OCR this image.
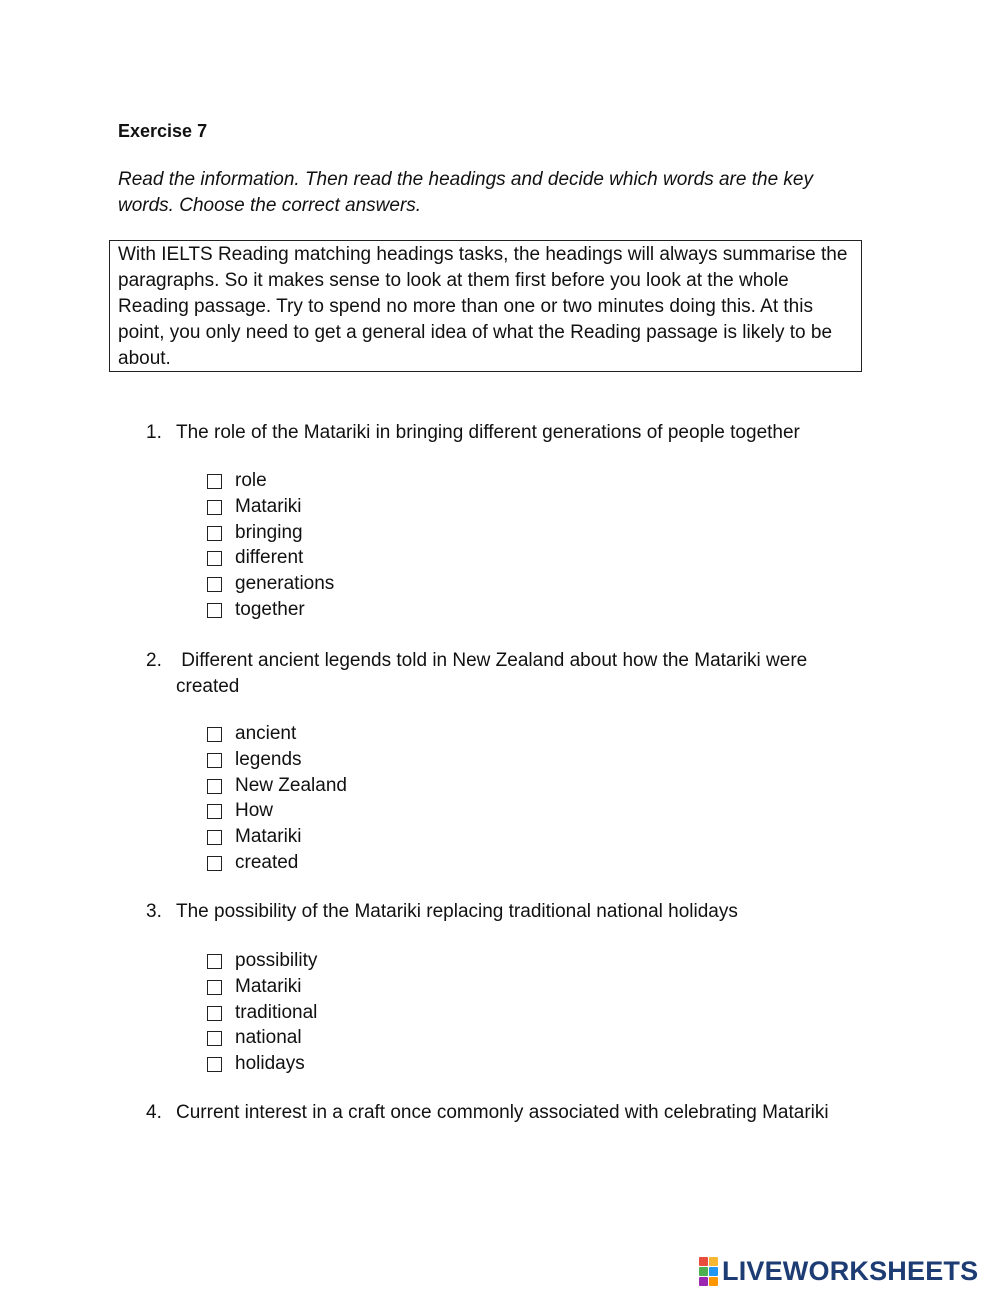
Exercise 7
Read the information. Then read the headings and decide which words are the key words. Choose the correct answers.

With IELTS Reading matching headings tasks, the headings will always summarise the paragraphs. So it makes sense to look at them first before you look at the whole Reading passage. Try to spend no more than one or two minutes doing this. At this point, you only need to get a general idea of what the Reading passage is likely to be about.

1. The role of the Matariki in bringing different generations of people together
role
Matariki
bringing
different
generations
together
2. Different ancient legends told in New Zealand about how the Matariki were created
ancient
legends
New Zealand
How
Matariki
created
3. The possibility of the Matariki replacing traditional national holidays
possibility
Matariki
traditional
national
holidays
4. Current interest in a craft once commonly associated with celebrating Matariki
LIVEWORKSHEETS
